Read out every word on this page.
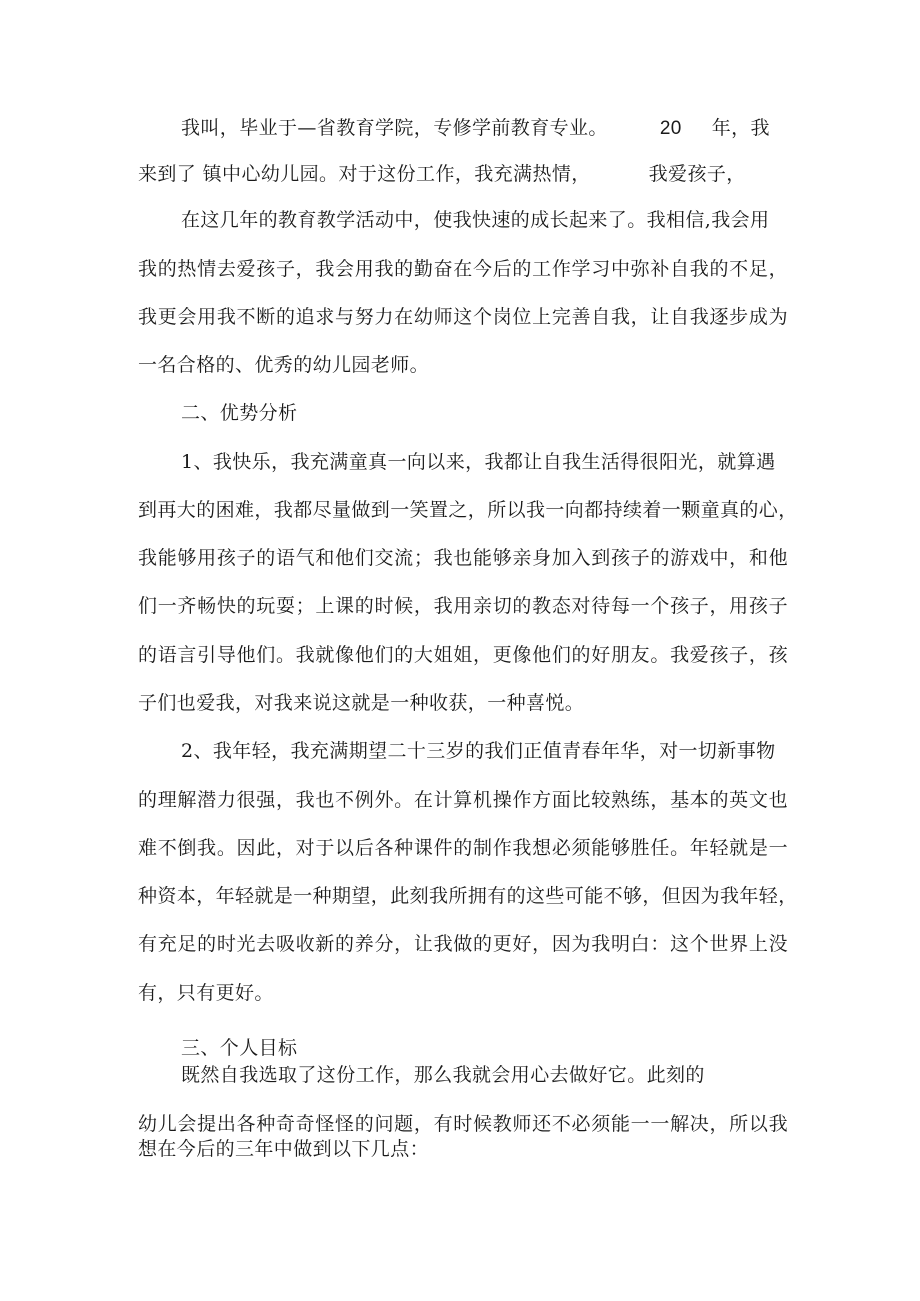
我叫，毕业于—省教育学院，专修学前教育专业。	20 年，我
来到了 镇中心幼儿园。对于这份工作，我充满热情，	我爱孩子，
在这几年的教育教学活动中，使我快速的成长起来了。我相信,我会用
我的热情去爱孩子，我会用我的勤奋在今后的工作学习中弥补自我的不足，
我更会用我不断的追求与努力在幼师这个岗位上完善自我，让自我逐步成为
一名合格的、优秀的幼儿园老师。
二、优势分析
1、我快乐，我充满童真一向以来，我都让自我生活得很阳光，就算遇
到再大的困难，我都尽量做到一笑置之，所以我一向都持续着一颗童真的心，
我能够用孩子的语气和他们交流；我也能够亲身加入到孩子的游戏中，和他
们一齐畅快的玩耍；上课的时候，我用亲切的教态对待每一个孩子，用孩子
的语言引导他们。我就像他们的大姐姐，更像他们的好朋友。我爱孩子，孩
子们也爱我，对我来说这就是一种收获，一种喜悦。
2、我年轻，我充满期望二十三岁的我们正值青春年华，对一切新事物
的理解潜力很强，我也不例外。在计算机操作方面比较熟练，基本的英文也
难不倒我。因此，对于以后各种课件的制作我想必须能够胜任。年轻就是一
种资本，年轻就是一种期望，此刻我所拥有的这些可能不够，但因为我年轻，
有充足的时光去吸收新的养分，让我做的更好，因为我明白：这个世界上没
有，只有更好。
三、个人目标
既然自我选取了这份工作，那么我就会用心去做好它。此刻的
幼儿会提出各种奇奇怪怪的问题，有时候教师还不必须能一一解决，所以我
想在今后的三年中做到以下几点：
